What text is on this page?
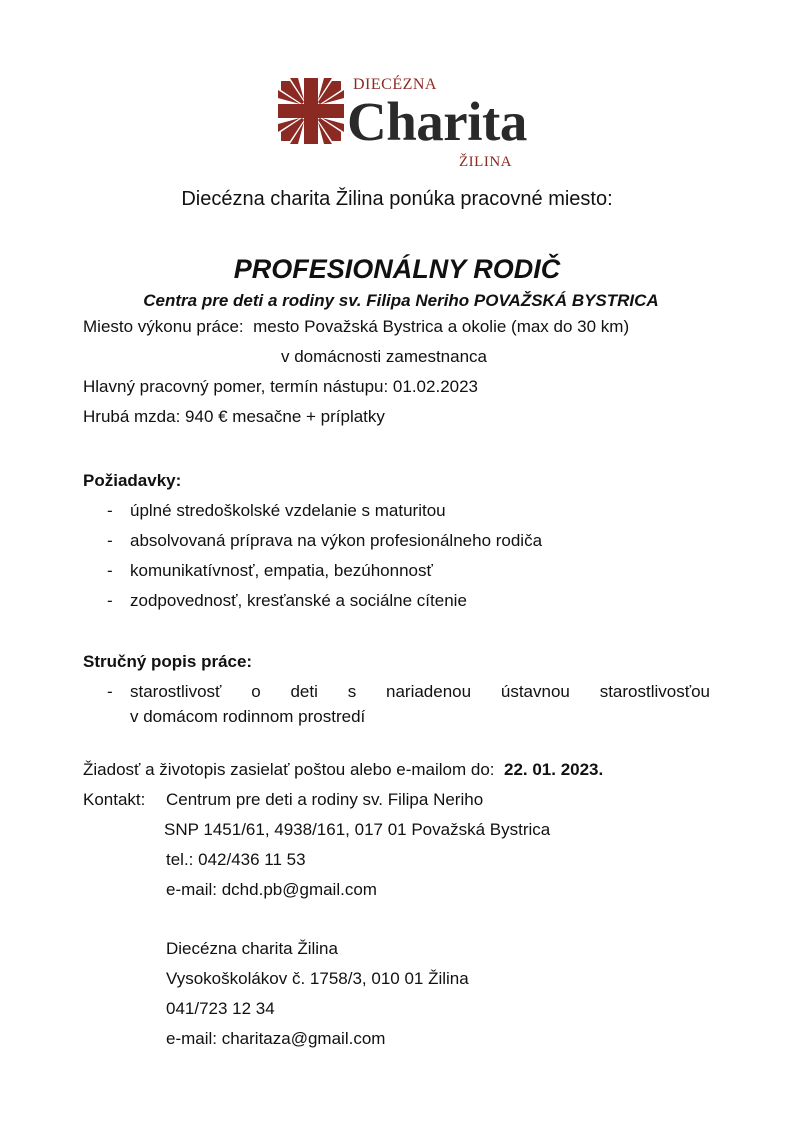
DIECÉZNA
Charita
ŽILINA
Diecézna charita Žilina ponúka pracovné miesto:
PROFESIONÁLNY RODIČ
Centra pre deti a rodiny sv. Filipa Neriho POVAŽSKÁ BYSTRICA
Miesto výkonu práce: mesto Považská Bystrica a okolie (max do 30 km)
v domácnosti zamestnanca
Hlavný pracovný pomer, termín nástupu: 01.02.2023
Hrubá mzda: 940 € mesačne + príplatky
Požiadavky:
- úplné stredoškolské vzdelanie s maturitou
- absolvovaná príprava na výkon profesionálneho rodiča
- komunikatívnosť, empatia, bezúhonnosť
- zodpovednosť, kresťanské a sociálne cítenie
Stručný popis práce:
- starostlivosť o deti s nariadenou ústavnou starostlivosťou
v domácom rodinnom prostredí
Žiadosť a životopis zasielať poštou alebo e-mailom do: 22. 01. 2023.
Kontakt: Centrum pre deti a rodiny sv. Filipa Neriho
SNP 1451/61, 4938/161, 017 01 Považská Bystrica
tel.: 042/436 11 53
e-mail: dchd.pb@gmail.com
Diecézna charita Žilina
Vysokoškolákov č. 1758/3, 010 01 Žilina
041/723 12 34
e-mail: charitaza@gmail.com
